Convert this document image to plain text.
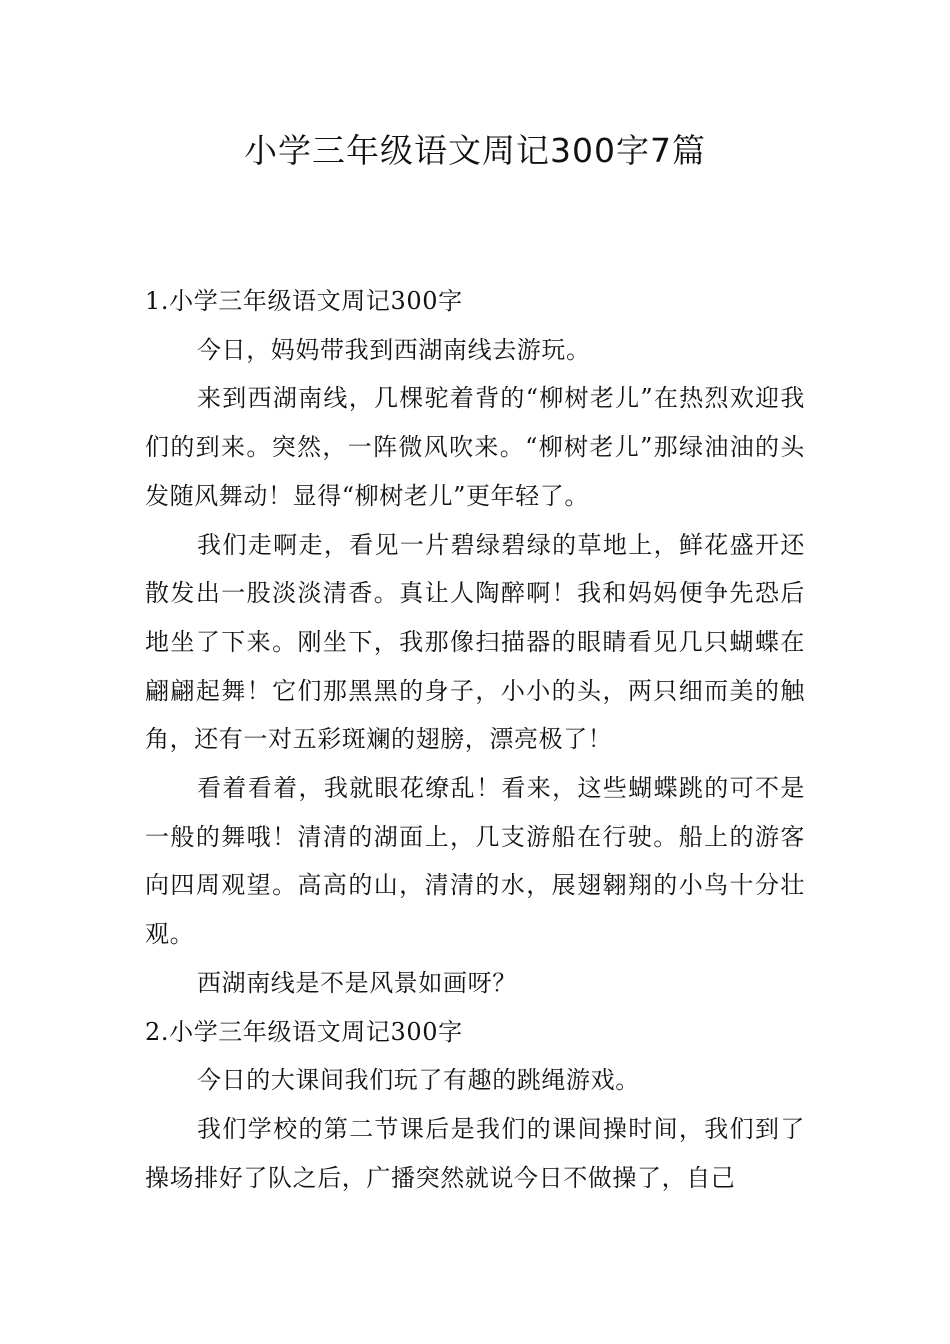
小学三年级语文周记300字7篇

1.小学三年级语文周记300字

今日，妈妈带我到西湖南线去游玩。

来到西湖南线，几棵驼着背的“柳树老儿”在热烈欢迎我们的到来。突然，一阵微风吹来。“柳树老儿”那绿油油的头发随风舞动！显得“柳树老儿”更年轻了。

我们走啊走，看见一片碧绿碧绿的草地上，鲜花盛开还散发出一股淡淡清香。真让人陶醉啊！我和妈妈便争先恐后地坐了下来。刚坐下，我那像扫描器的眼睛看见几只蝴蝶在翩翩起舞！它们那黑黑的身子，小小的头，两只细而美的触角，还有一对五彩斑斓的翅膀，漂亮极了！

看着看着，我就眼花缭乱！看来，这些蝴蝶跳的可不是一般的舞哦！清清的湖面上，几支游船在行驶。船上的游客向四周观望。高高的山，清清的水，展翅翱翔的小鸟十分壮观。

西湖南线是不是风景如画呀？

2.小学三年级语文周记300字

今日的大课间我们玩了有趣的跳绳游戏。

我们学校的第二节课后是我们的课间操时间，我们到了操场排好了队之后，广播突然就说今日不做操了，自己
